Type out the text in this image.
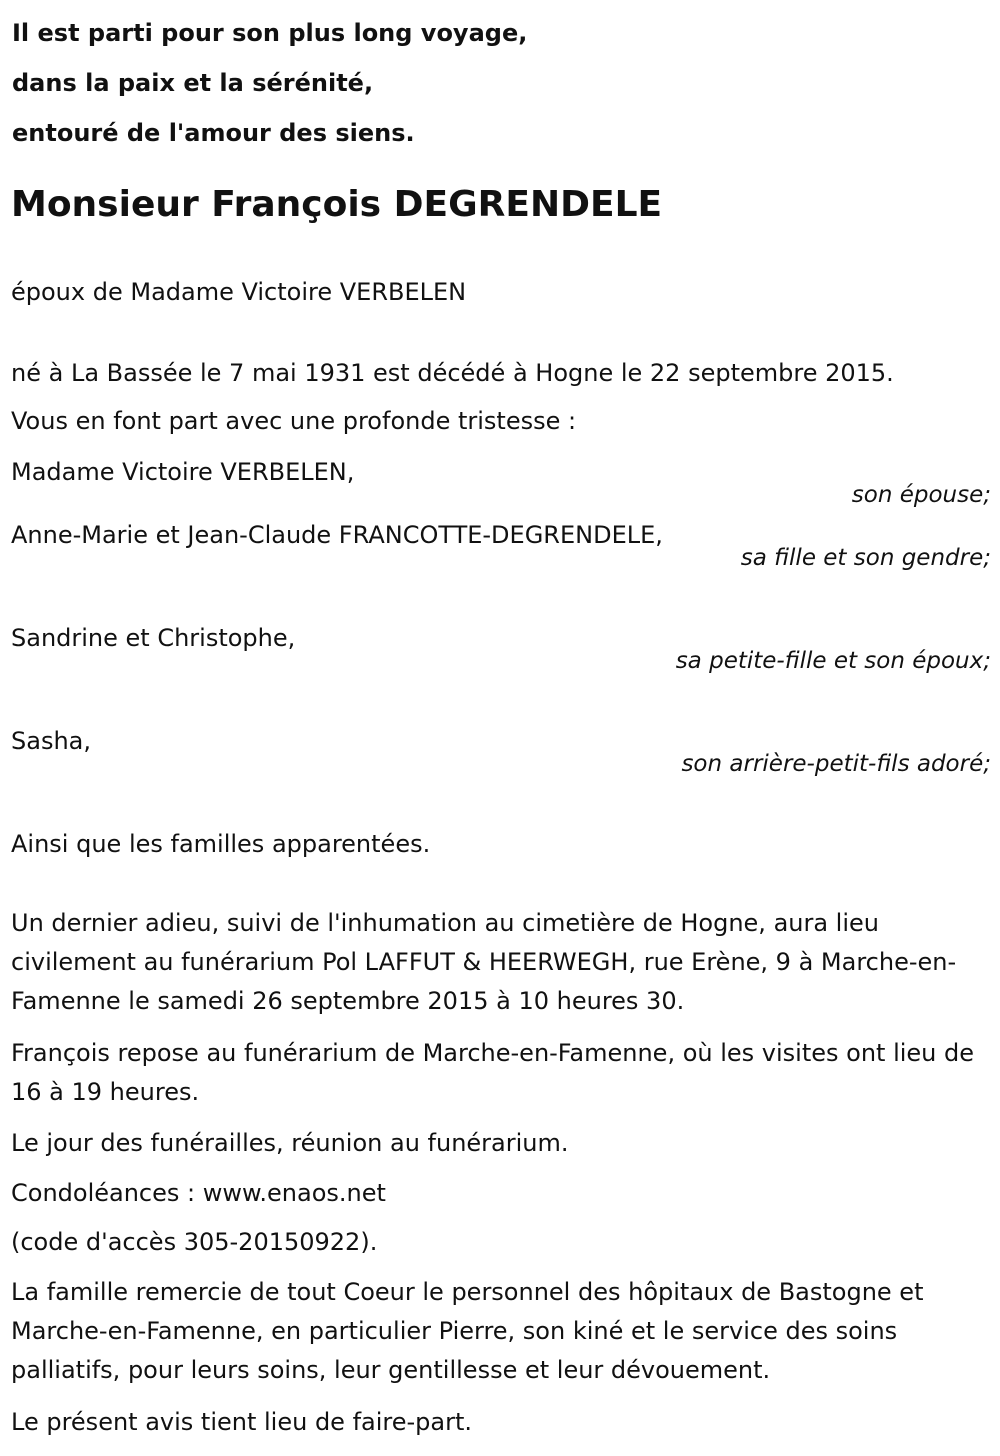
Il est parti pour son plus long voyage,
dans la paix et la sérénité,
entouré de l'amour des siens.
Monsieur François DEGRENDELE
époux de Madame Victoire VERBELEN
né à La Bassée le 7 mai 1931 est décédé à Hogne le 22 septembre 2015.
Vous en font part avec une profonde tristesse :
Madame Victoire VERBELEN,
son épouse;
Anne-Marie et Jean-Claude FRANCOTTE-DEGRENDELE,
sa fille et son gendre;
Sandrine et Christophe,
sa petite-fille et son époux;
Sasha,
son arrière-petit-fils adoré;
Ainsi que les familles apparentées.
Un dernier adieu, suivi de l'inhumation au cimetière de Hogne, aura lieu civilement au funérarium Pol LAFFUT & HEERWEGH, rue Erène, 9 à Marche-en-Famenne le samedi 26 septembre 2015 à 10 heures 30.
François repose au funérarium de Marche-en-Famenne, où les visites ont lieu de 16 à 19 heures.
Le jour des funérailles, réunion au funérarium.
Condoléances : www.enaos.net
(code d'accès 305-20150922).
La famille remercie de tout Coeur le personnel des hôpitaux de Bastogne et Marche-en-Famenne, en particulier Pierre, son kiné et le service des soins palliatifs, pour leurs soins, leur gentillesse et leur dévouement.
Le présent avis tient lieu de faire-part.
